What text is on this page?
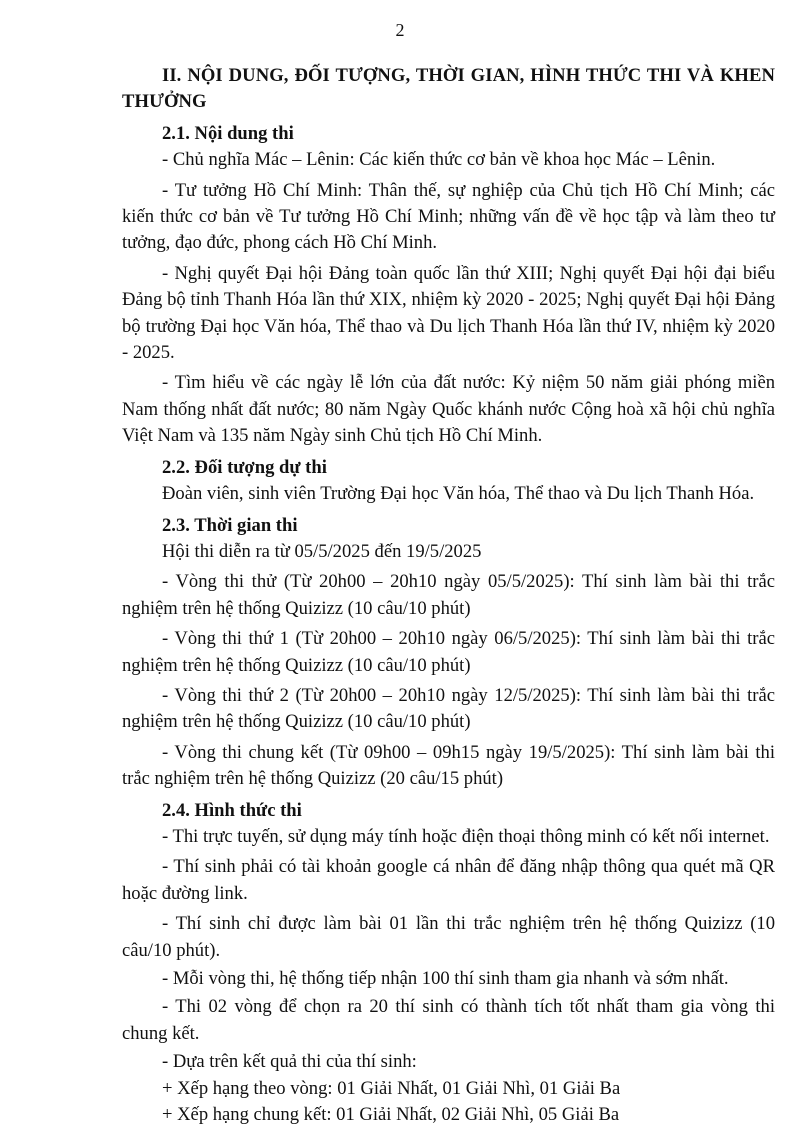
2

II. NỘI DUNG, ĐỐI TƯỢNG, THỜI GIAN, HÌNH THỨC THI VÀ KHEN THƯỞNG

2.1. Nội dung thi

- Chủ nghĩa Mác – Lênin: Các kiến thức cơ bản về khoa học Mác – Lênin.

- Tư tưởng Hồ Chí Minh: Thân thế, sự nghiệp của Chủ tịch Hồ Chí Minh; các kiến thức cơ bản về Tư tưởng Hồ Chí Minh; những vấn đề về học tập và làm theo tư tưởng, đạo đức, phong cách Hồ Chí Minh.

- Nghị quyết Đại hội Đảng toàn quốc lần thứ XIII; Nghị quyết Đại hội đại biểu Đảng bộ tỉnh Thanh Hóa lần thứ XIX, nhiệm kỳ 2020 - 2025; Nghị quyết Đại hội Đảng bộ trường Đại học Văn hóa, Thể thao và Du lịch Thanh Hóa lần thứ IV, nhiệm kỳ 2020 - 2025.

- Tìm hiểu về các ngày lễ lớn của đất nước: Kỷ niệm 50 năm giải phóng miền Nam thống nhất đất nước; 80 năm Ngày Quốc khánh nước Cộng hoà xã hội chủ nghĩa Việt Nam và 135 năm Ngày sinh Chủ tịch Hồ Chí Minh.

2.2. Đối tượng dự thi

Đoàn viên, sinh viên Trường Đại học Văn hóa, Thể thao và Du lịch Thanh Hóa.

2.3. Thời gian thi

Hội thi diễn ra từ 05/5/2025 đến 19/5/2025

- Vòng thi thử (Từ 20h00 – 20h10 ngày 05/5/2025): Thí sinh làm bài thi trắc nghiệm trên hệ thống Quizizz (10 câu/10 phút)

- Vòng thi thứ 1 (Từ 20h00 – 20h10 ngày 06/5/2025): Thí sinh làm bài thi trắc nghiệm trên hệ thống Quizizz (10 câu/10 phút)

- Vòng thi thứ 2 (Từ 20h00 – 20h10 ngày 12/5/2025): Thí sinh làm bài thi trắc nghiệm trên hệ thống Quizizz (10 câu/10 phút)

- Vòng thi chung kết (Từ 09h00 – 09h15 ngày 19/5/2025): Thí sinh làm bài thi trắc nghiệm trên hệ thống Quizizz (20 câu/15 phút)

2.4. Hình thức thi

- Thi trực tuyến, sử dụng máy tính hoặc điện thoại thông minh có kết nối internet.

- Thí sinh phải có tài khoản google cá nhân để đăng nhập thông qua quét mã QR hoặc đường link.

- Thí sinh chỉ được làm bài 01 lần thi trắc nghiệm trên hệ thống Quizizz (10 câu/10 phút).

- Mỗi vòng thi, hệ thống tiếp nhận 100 thí sinh tham gia nhanh và sớm nhất.

- Thi 02 vòng để chọn ra 20 thí sinh có thành tích tốt nhất tham gia vòng thi chung kết.

- Dựa trên kết quả thi của thí sinh:

+ Xếp hạng theo vòng: 01 Giải Nhất, 01 Giải Nhì, 01 Giải Ba

+ Xếp hạng chung kết: 01 Giải Nhất, 02 Giải Nhì, 05 Giải Ba
